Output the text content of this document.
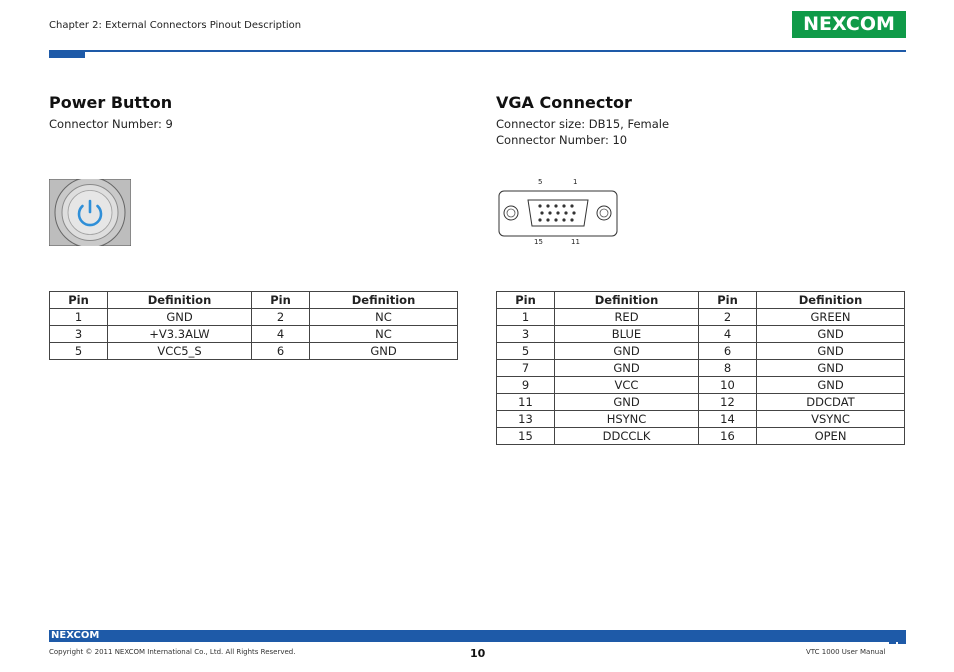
Chapter 2: External Connectors Pinout Description	NEXCOM
Power Button
Connector Number: 9
Pin	Definition	Pin	Definition
1	GND	2	NC
3	+V3.3ALW	4	NC
5	VCC5_S	6	GND
VGA Connector
Connector size: DB15, Female
Connector Number: 10
5	1
15	11
Pin	Definition	Pin	Definition
1	RED	2	GREEN
3	BLUE	4	GND
5	GND	6	GND
7	GND	8	GND
9	VCC	10	GND
11	GND	12	DDCDAT
13	HSYNC	14	VSYNC
15	DDCCLK	16	OPEN
NEXCOM
Copyright © 2011 NEXCOM International Co., Ltd. All Rights Reserved.	10	VTC 1000 User Manual
